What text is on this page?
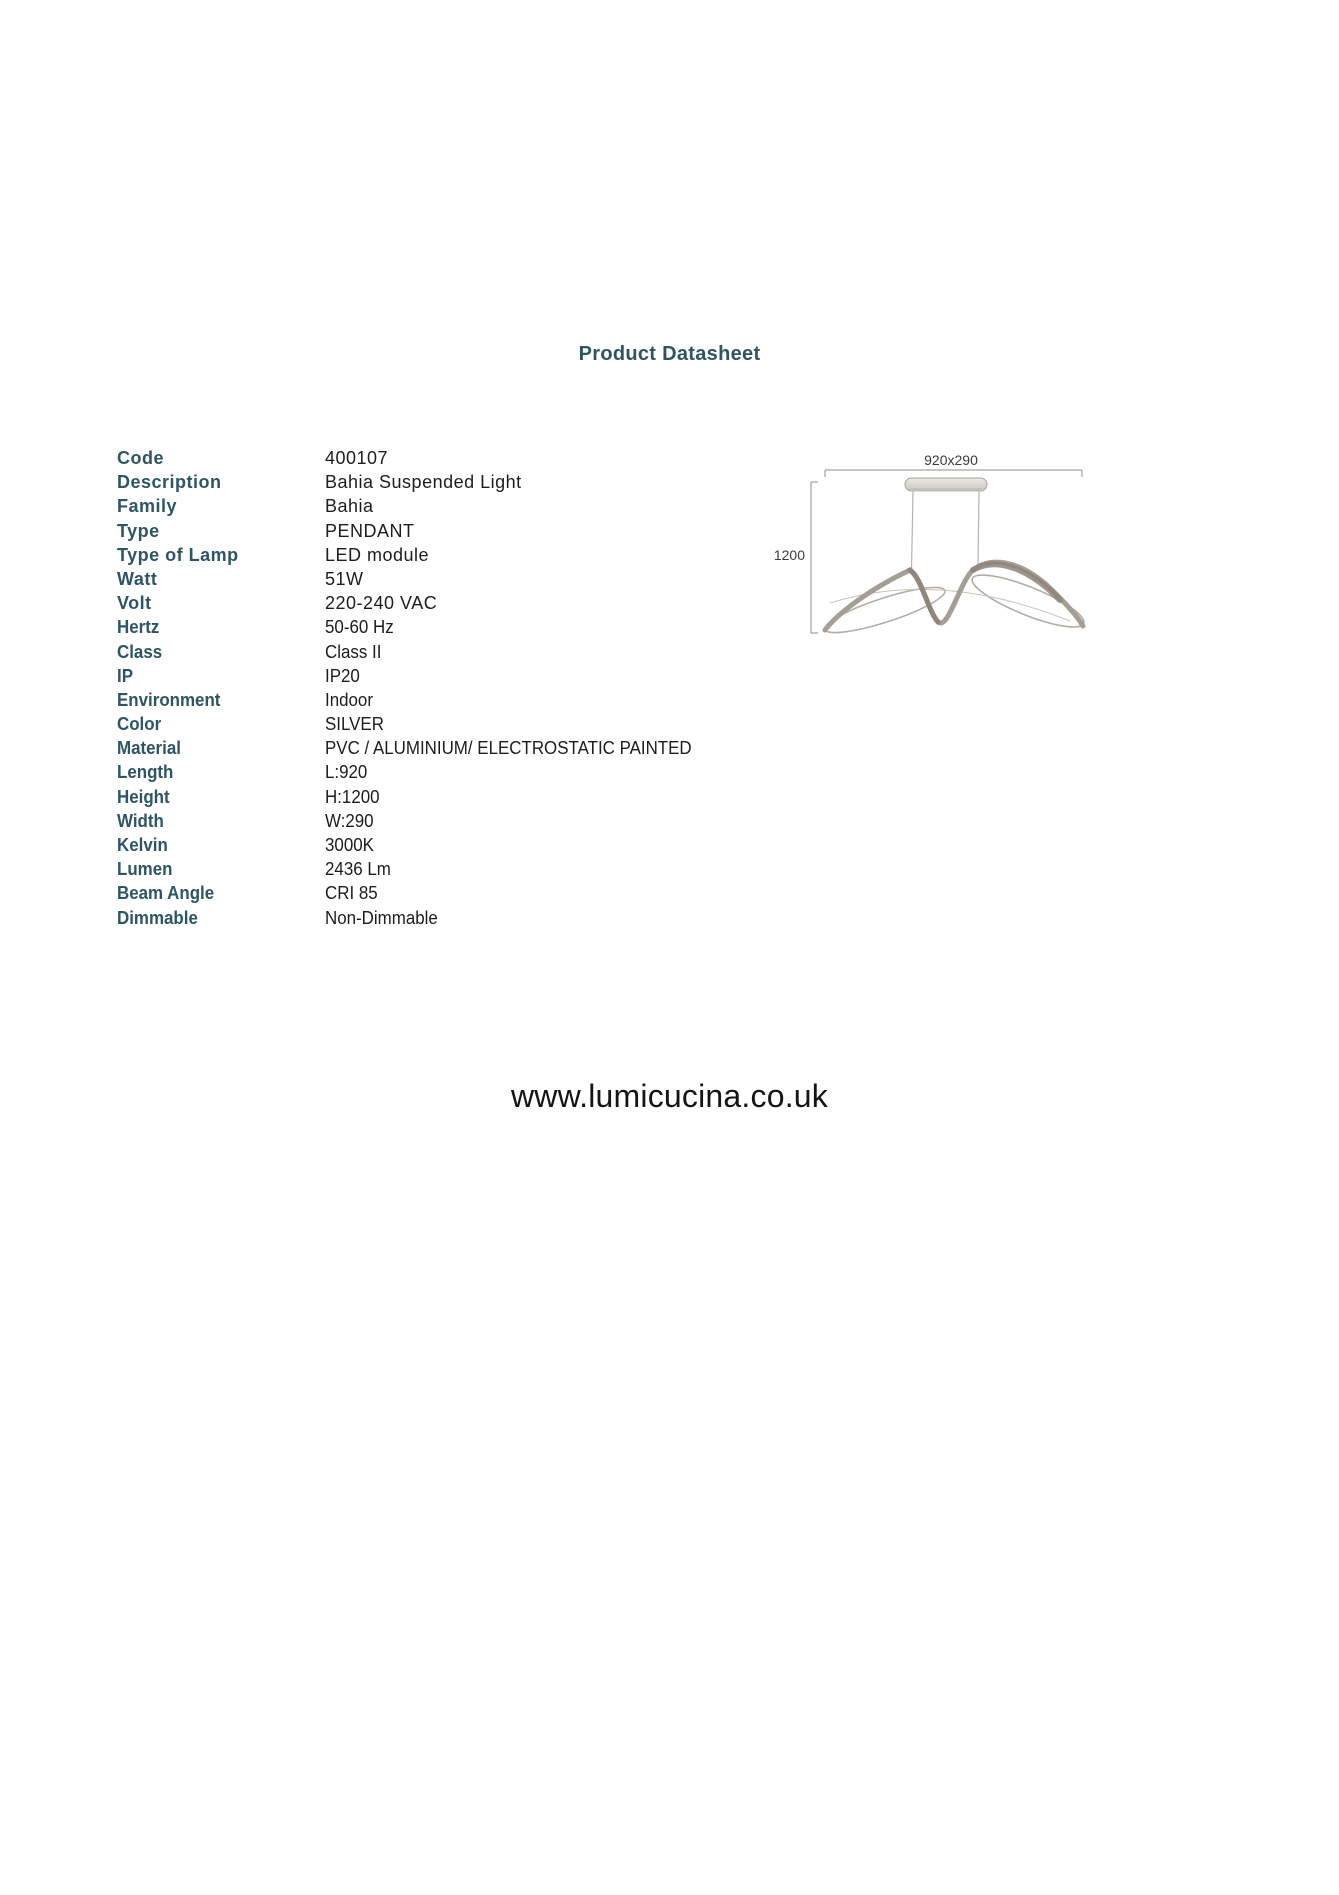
Product Datasheet
Code	400107
Description	Bahia Suspended Light
Family	Bahia
Type	PENDANT
Type of Lamp	LED module
Watt	51W
Volt	220-240 VAC
Hertz	50-60 Hz
Class	Class II
IP	IP20
Environment	Indoor
Color	SILVER
Material	PVC / ALUMINIUM/ ELECTROSTATIC PAINTED
Length	L:920
Height	H:1200
Width	W:290
Kelvin	3000K
Lumen	2436 Lm
Beam Angle	CRI 85
Dimmable	Non-Dimmable
920x290
1200
www.lumicucina.co.uk
